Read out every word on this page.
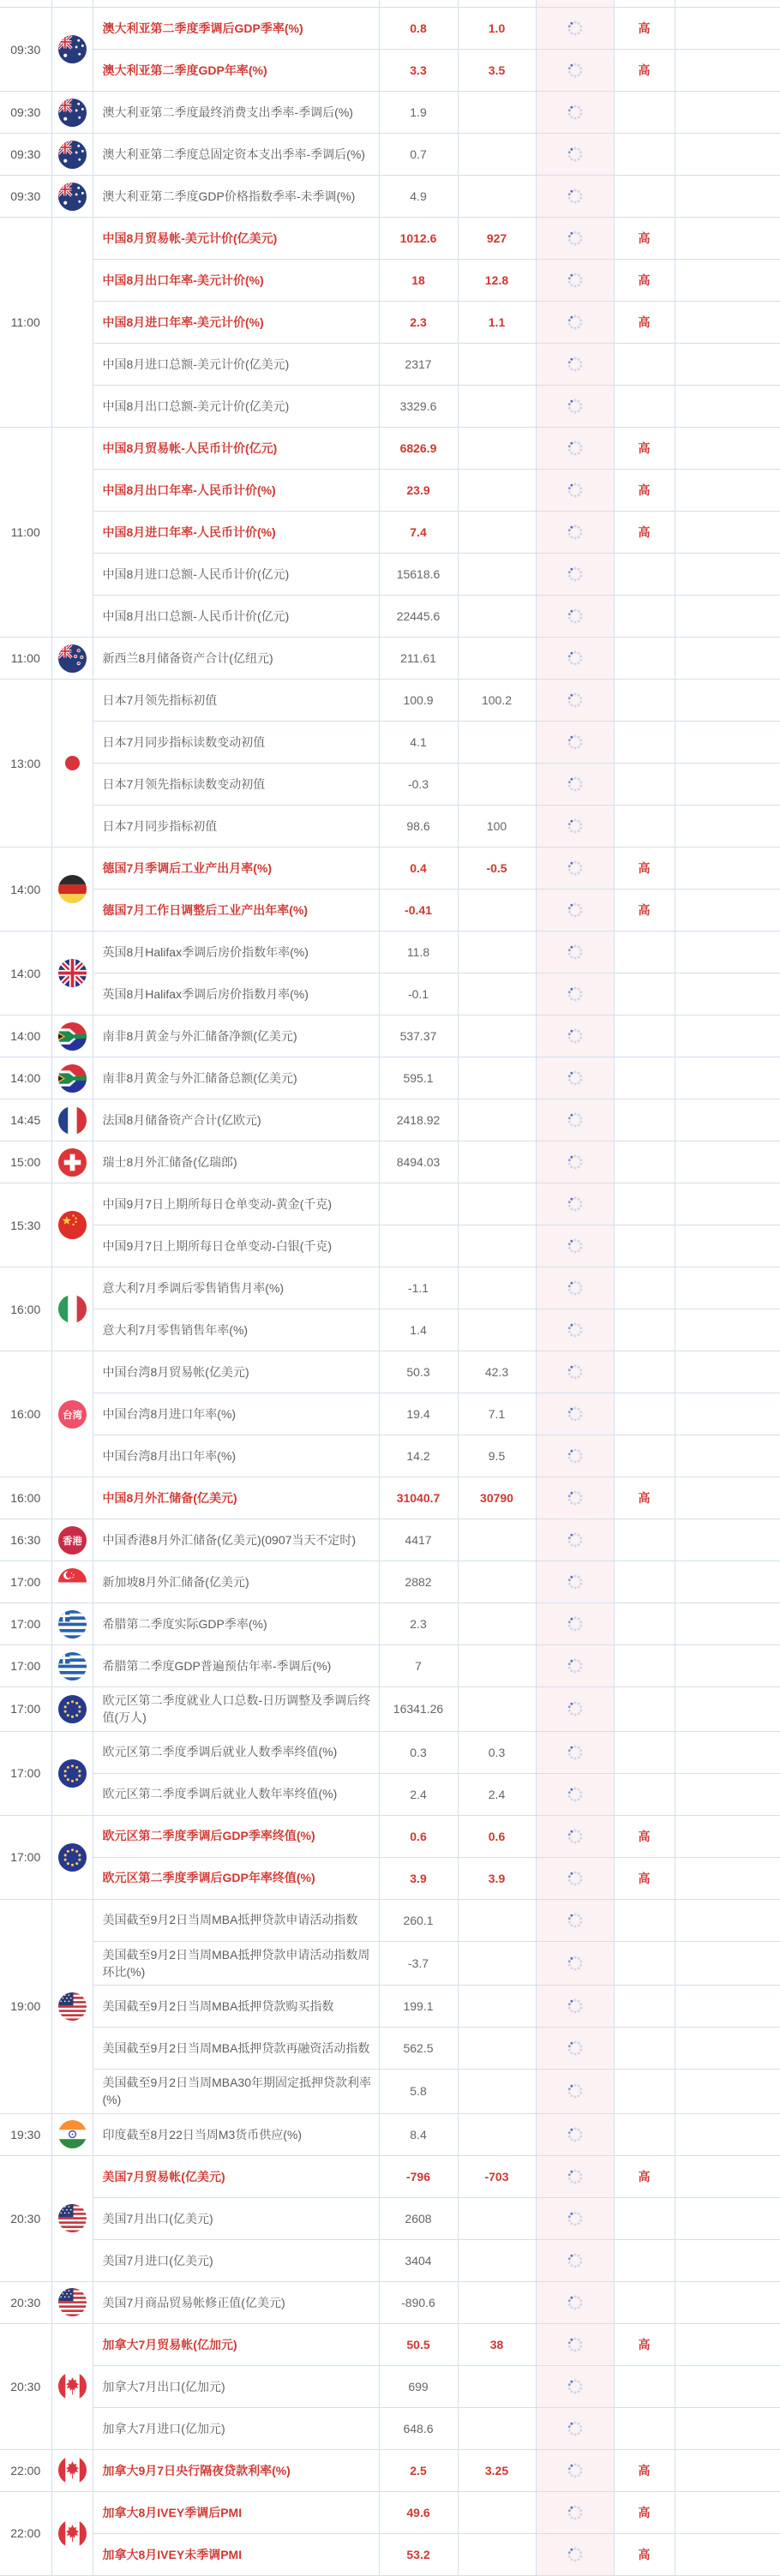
09:30		澳大利亚第二季度季调后GDP季率(%)	0.8	1.0		高	
		澳大利亚第二季度GDP年率(%)	3.3	3.5		高	
09:30		澳大利亚第二季度最终消费支出季率-季调后(%)	1.9				
09:30		澳大利亚第二季度总固定资本支出季率-季调后(%)	0.7				
09:30		澳大利亚第二季度GDP价格指数季率-未季调(%)	4.9				
11:00		中国8月贸易帐-美元计价(亿美元)	1012.6	927		高	
		中国8月出口年率-美元计价(%)	18	12.8		高	
		中国8月进口年率-美元计价(%)	2.3	1.1		高	
		中国8月进口总额-美元计价(亿美元)	2317				
		中国8月出口总额-美元计价(亿美元)	3329.6				
11:00		中国8月贸易帐-人民币计价(亿元)	6826.9			高	
		中国8月出口年率-人民币计价(%)	23.9			高	
		中国8月进口年率-人民币计价(%)	7.4			高	
		中国8月进口总额-人民币计价(亿元)	15618.6				
		中国8月出口总额-人民币计价(亿元)	22445.6				
11:00		新西兰8月储备资产合计(亿纽元)	211.61				
13:00		日本7月领先指标初值	100.9	100.2			
		日本7月同步指标读数变动初值	4.1				
		日本7月领先指标读数变动初值	-0.3				
		日本7月同步指标初值	98.6	100			
14:00		德国7月季调后工业产出月率(%)	0.4	-0.5		高	
		德国7月工作日调整后工业产出年率(%)	-0.41			高	
14:00		英国8月Halifax季调后房价指数年率(%)	11.8				
		英国8月Halifax季调后房价指数月率(%)	-0.1				
14:00		南非8月黄金与外汇储备净额(亿美元)	537.37				
14:00		南非8月黄金与外汇储备总额(亿美元)	595.1				
14:45		法国8月储备资产合计(亿欧元)	2418.92				
15:00		瑞士8月外汇储备(亿瑞郎)	8494.03				
15:30		中国9月7日上期所每日仓单变动-黄金(千克)					
		中国9月7日上期所每日仓单变动-白银(千克)					
16:00		意大利7月季调后零售销售月率(%)	-1.1				
		意大利7月零售销售年率(%)	1.4				
16:00	台湾	中国台湾8月贸易帐(亿美元)	50.3	42.3			
		中国台湾8月进口年率(%)	19.4	7.1			
		中国台湾8月出口年率(%)	14.2	9.5			
16:00		中国8月外汇储备(亿美元)	31040.7	30790		高	
16:30	香港	中国香港8月外汇储备(亿美元)(0907当天不定时)	4417				
17:00		新加坡8月外汇储备(亿美元)	2882				
17:00		希腊第二季度实际GDP季率(%)	2.3				
17:00		希腊第二季度GDP普遍预估年率-季调后(%)	7				
17:00		欧元区第二季度就业人口总数-日历调整及季调后终值(万人)	16341.26				
17:00		欧元区第二季度季调后就业人数季率终值(%)	0.3	0.3			
		欧元区第二季度季调后就业人数年率终值(%)	2.4	2.4			
17:00		欧元区第二季度季调后GDP季率终值(%)	0.6	0.6		高	
		欧元区第二季度季调后GDP年率终值(%)	3.9	3.9		高	
19:00		美国截至9月2日当周MBA抵押贷款申请活动指数	260.1				
		美国截至9月2日当周MBA抵押贷款申请活动指数周环比(%)	-3.7				
		美国截至9月2日当周MBA抵押贷款购买指数	199.1				
		美国截至9月2日当周MBA抵押贷款再融资活动指数	562.5				
		美国截至9月2日当周MBA30年期固定抵押贷款利率(%)	5.8				
19:30		印度截至8月22日当周M3货币供应(%)	8.4				
20:30		美国7月贸易帐(亿美元)	-796	-703		高	
		美国7月出口(亿美元)	2608				
		美国7月进口(亿美元)	3404				
20:30		美国7月商品贸易帐修正值(亿美元)	-890.6				
20:30		加拿大7月贸易帐(亿加元)	50.5	38		高	
		加拿大7月出口(亿加元)	699				
		加拿大7月进口(亿加元)	648.6				
22:00		加拿大9月7日央行隔夜贷款利率(%)	2.5	3.25		高	
22:00		加拿大8月IVEY季调后PMI	49.6			高	
		加拿大8月IVEY未季调PMI	53.2			高	
